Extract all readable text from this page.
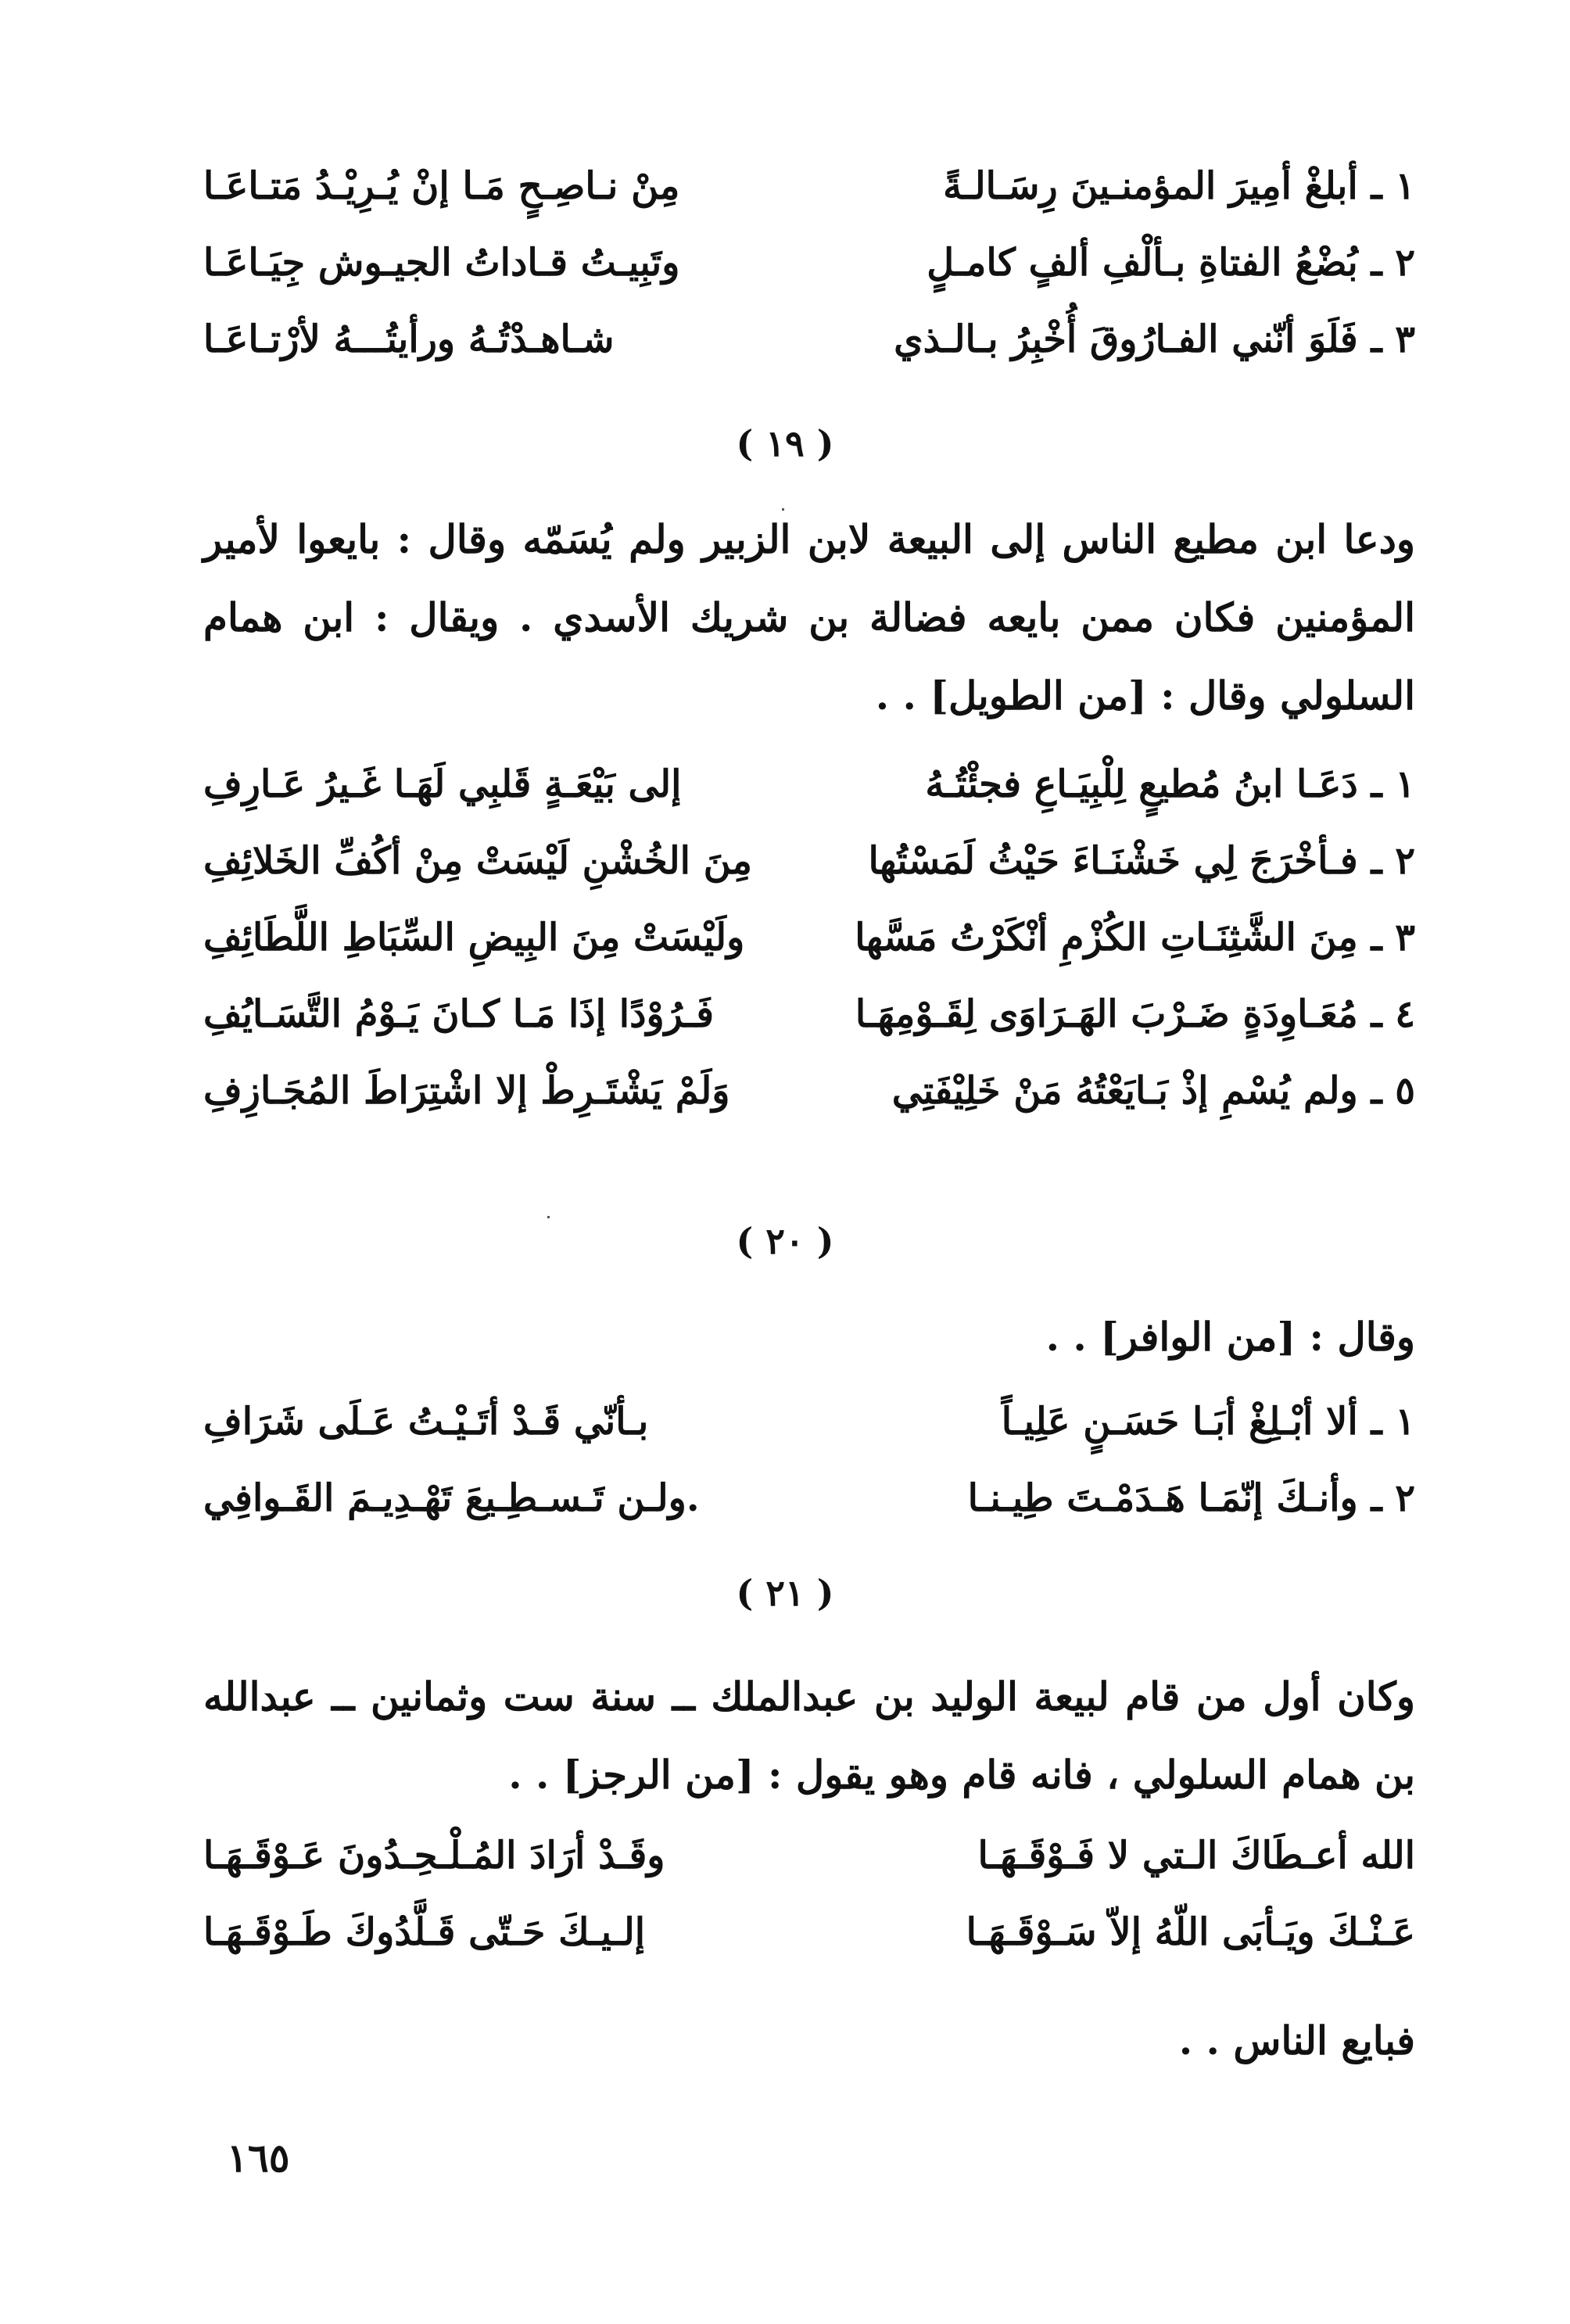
١ ـ أبلغْ أمِيرَ المؤمنـينَ رِسَـالـةً
مِنْ نـاصِـحٍ مَـا إنْ يُـرِيْـدُ مَتـاعَـا
٢ ـ بُضْعُ الفتاةِ بـألْفِ ألفٍ كامـلٍ
وتَبِيـتُ قـاداتُ الجيـوش جِيَـاعَـا
٣ ـ فَلَوَ أنّني الفـارُوقَ أُخْبِرُ بـالـذي
شـاهـدْتُـهُ ورأيتُـــهُ لأرْتـاعَـا
( ١٩ )
ودعا ابن مطيع الناس إلى البيعة لابن الزبير ولم يُسَمّه وقال : بايعوا لأمير المؤمنين فكان ممن بايعه فضالة بن شريك الأسدي . ويقال : ابن همام السلولي وقال : [من الطويل] . .
١ ـ دَعَـا ابنُ مُطيعٍ لِلْبِيَـاعِ فجئْتُـهُ
إلى بَيْعَـةٍ قَلبِي لَهَـا غَـيرُ عَـارِفِ
٢ ـ فـأخْرَجَ لِي خَشْنَـاءَ حَيْثُ لَمَسْتُها
مِنَ الخُشْنِ لَيْسَتْ مِنْ أكُفِّ الخَلائِفِ
٣ ـ مِنَ الشَّثِنَـاتِ الكُزْمِ أنْكَرْتُ مَسَّها
ولَيْسَتْ مِنَ البِيضِ السِّبَاطِ اللَّطَائِفِ
٤ ـ مُعَـاوِدَةٍ ضَـرْبَ الهَـرَاوَى لِقَـوْمِهَـا
فَـرُوْدًا إذَا مَـا كـانَ يَـوْمُ التَّسَـايُفِ
٥ ـ ولم يُسْمِ إذْ بَـايَعْتُهُ مَنْ خَلِيْفَتِي
وَلَمْ يَشْتَـرِطْ إلا اشْتِرَاطَ المُجَـازِفِ
( ٢٠ )
وقال : [من الوافر] . .
١ ـ ألا أبْـلِغْ أبَـا حَسَـنٍ عَلِيـاً
بـأنّي قَـدْ أتَـيْـتُ عَـلَى شَرَافِ
٢ ـ وأنـكَ إنّمَـا هَـدَمْـتَ طِيـنـا
.ولـن تَـسـطِـيعَ تَهْـدِيـمَ القَـوافِي
( ٢١ )
وكان أول من قام لبيعة الوليد بن عبدالملك ــ سنة ست وثمانين ــ عبدالله بن همام السلولي ، فانه قام وهو يقول : [من الرجز] . .
الله أعـطَاكَ الـتي لا فَـوْقَـهَـا
وقَـدْ أرَادَ المُـلْـحِـدُونَ عَـوْقَـهَـا
عَـنْـكَ ويَـأبَى اللّهُ إلاّ سَـوْقَـهَـا
إلـيـكَ حَـتّى قَـلَّدُوكَ طَـوْقَـهَـا
فبايع الناس . .
١٦٥
